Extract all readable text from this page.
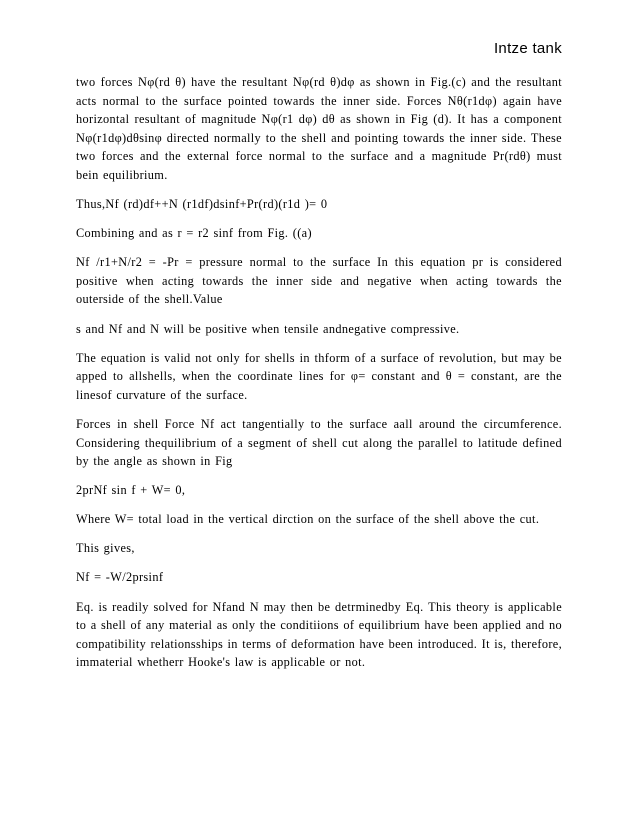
Intze tank

two forces Nφ(rd θ) have the resultant Nφ(rd θ)dφ as shown in Fig.(c) and the resultant acts normal to the surface pointed towards the inner side. Forces Nθ(r1dφ) again have horizontal resultant of magnitude Nφ(r1 dφ) dθ as shown in Fig (d). It has a component Nφ(r1dφ)dθsinφ directed normally to the shell and pointing towards the inner side. These two forces and the external force normal to the surface and a magnitude Pr(rdθ) must bein equilibrium.

Thus,Nf (rd)df++N (r1df)dsinf+Pr(rd)(r1d )= 0

Combining and as r = r2 sinf from Fig. ((a)

Nf /r1+N/r2 = -Pr = pressure normal to the surface In this equation pr is considered positive when acting towards the inner side and negative when acting towards the outerside of the shell.Value

s and Nf and N will be positive when tensile andnegative compressive.

The equation is valid not only for shells in thform of a surface of revolution, but may be apped to allshells, when the coordinate lines for φ= constant and θ = constant, are the linesof curvature of the surface.

Forces in shell Force Nf act tangentially to the surface aall around the circumference. Considering thequilibrium of a segment of shell cut along the parallel to latitude defined by the angle as shown in Fig

2prNf sin f + W= 0,

Where W= total load in the vertical dirction on the surface of the shell above the cut.

This gives,

Nf = -W/2prsinf

Eq. is readily solved for Nfand N may then be detrminedby Eq. This theory is applicable to a shell of any material as only the conditiions of equilibrium have been applied and no compatibility relationsships in terms of deformation have been introduced. It is, therefore, immaterial whetherr Hooke's law is applicable or not.
